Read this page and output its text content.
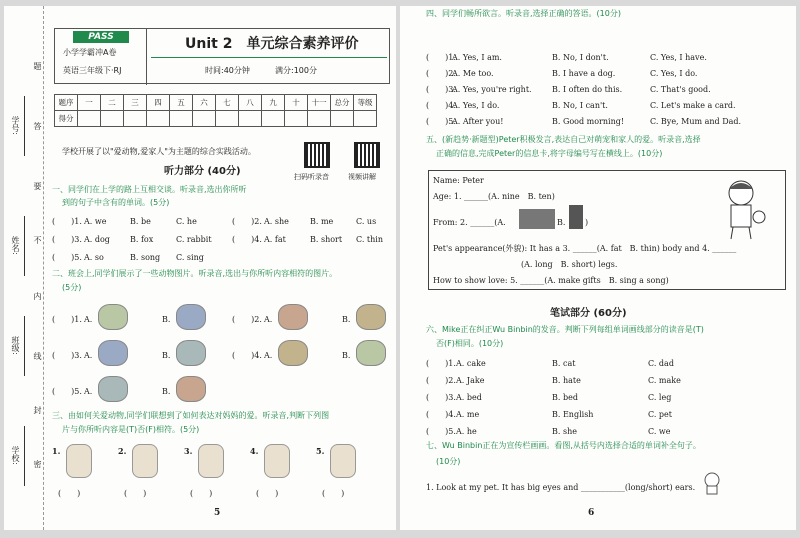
学号:
姓名:
班级:
学校:
题
答
要
不
内
线
封
密
PASS
小学学霸冲A卷
英语三年级下·RJ
Unit 2　单元综合素养评价
时间:40分钟	满分:100分
题序	一	二	三	四	五	六	七	八	九	十	十一	总分	等级
得分													
学校开展了以"爱动物,爱家人"为主题的综合实践活动。
扫码听录音	视频讲解
听力部分 (40分)
一、同学们在上学的路上互相交谈。听录音,选出你所听
到的句子中含有的单词。(5分)
(　　)1. A. we	B. be	C. he	(　　)2. A. she	B. me	C. us
(　　)3. A. dog	B. fox	C. rabbit	(　　)4. A. fat	B. short C. thin
(　　)5. A. so	B. song C. sing
二、班会上,同学们展示了一些动物图片。听录音,选出与你所听内容相符的图片。
(5分)
(　　)1. A.	B.	(　　)2. A.	B.
(　　)3. A.	B.	(　　)4. A.	B.
(　　)5. A.	B.
三、由如何关爱动物,同学们联想到了如何表达对妈妈的爱。听录音,判断下列图
片与你所听内容是(T)否(F)相符。(5分)
1.
(　　)
2.
(　　)
3.
(　　)
4.
(　　)
5.
(　　)
5
四、同学们畅所欲言。听录音,选择正确的答语。(10分)
(　　)1.
A. Yes, I am.	B. No, I don't.	C. Yes, I have.
(　　)2.
A. Me too.	B. I have a dog.	C. Yes, I do.
(　　)3.
A. Yes, you're right.	B. I often do this.	C. That's good.
(　　)4.
A. Yes, I do.	B. No, I can't.	C. Let's make a card.
(　　)5.
A. After you!	B. Good morning!	C. Bye, Mum and Dad.
五、(新趋势·新题型)Peter积极发言,表达自己对萌宠和家人的爱。听录音,选择
正确的信息,完成Peter的信息卡,将字母编号写在横线上。(10分)
Name: Peter
Age: 1. ______(A. nine　B. ten)
From: 2. ______(A.	B. )
Pet's appearance(外貌): It has a 3. ______(A. fat　B. thin) body and 4. ______
(A. long　B. short) legs.
How to show love: 5. ______(A. make gifts　B. sing a song)
笔试部分 (60分)
六、Mike正在纠正Wu Binbin的发音。判断下列每组单词画线部分的读音是(T)
否(F)相同。(10分)
(　　)1. A. cake	B. cat	C. dad
(　　)2. A. Jake	B. hate	C. make
(　　)3. A. bed	B. bed	C. leg
(　　)4. A. me	B. English	C. pet
(　　)5. A. he	B. she	C. we
七、Wu Binbin正在为宣传栏画画。看图,从括号内选择合适的单词补全句子。
(10分)
1. Look at my pet. It has big eyes and ___________(long/short) ears.
6
